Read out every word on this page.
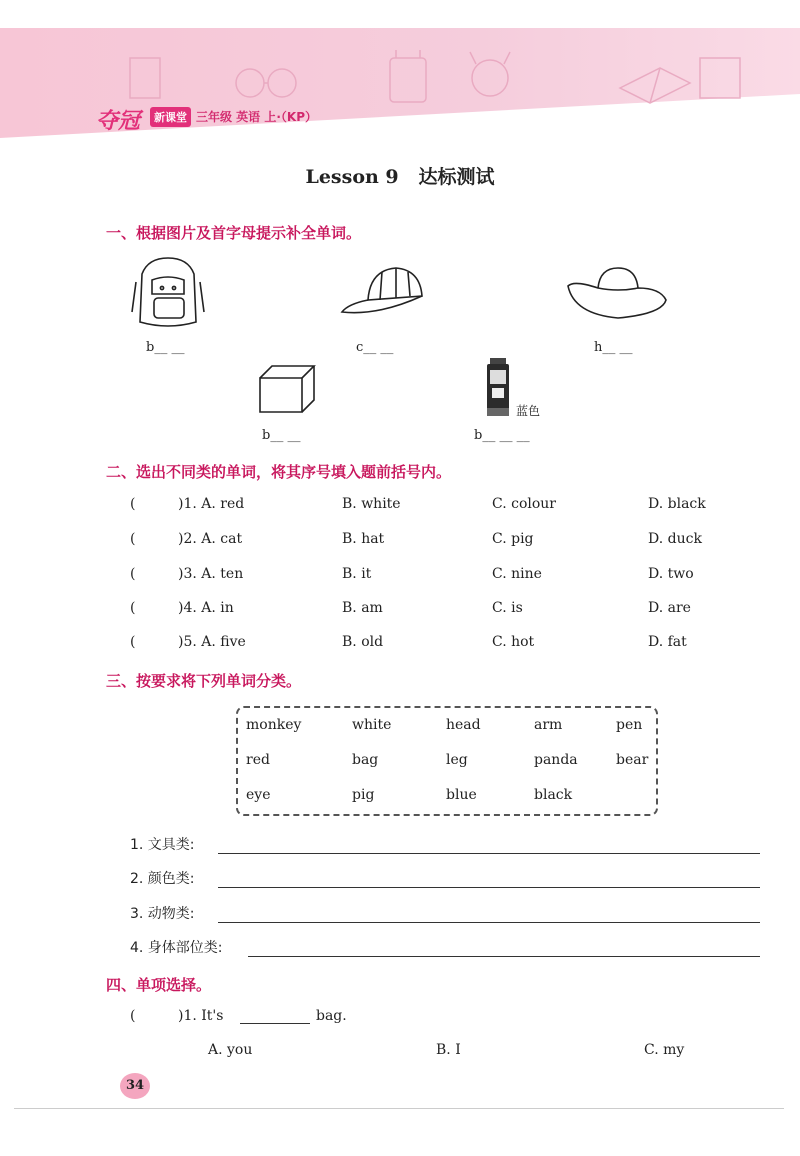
夺冠	新课堂 三年级 英语 上·（KP）
Lesson 9   达标测试
一、根据图片及首字母提示补全单词。
b__ __	c__ __	h__ __
b__ __
蓝色
b__ __ __
二、选出不同类的单词，将其序号填入题前括号内。
(	)1. A. red	B. white	C. colour	D. black
(	)2. A. cat	B. hat	C. pig	D. duck
(	)3. A. ten	B. it	C. nine	D. two
(	)4. A. in	B. am	C. is	D. are
(	)5. A. five	B. old	C. hot	D. fat
三、按要求将下列单词分类。
monkey	white	head	arm	pen
red	bag	leg	panda	bear
eye	pig	blue	black
1. 文具类:
2. 颜色类:
3. 动物类:
4. 身体部位类:
四、单项选择。
(	)1. It's	bag.
A. you	B. I	C. my
34
